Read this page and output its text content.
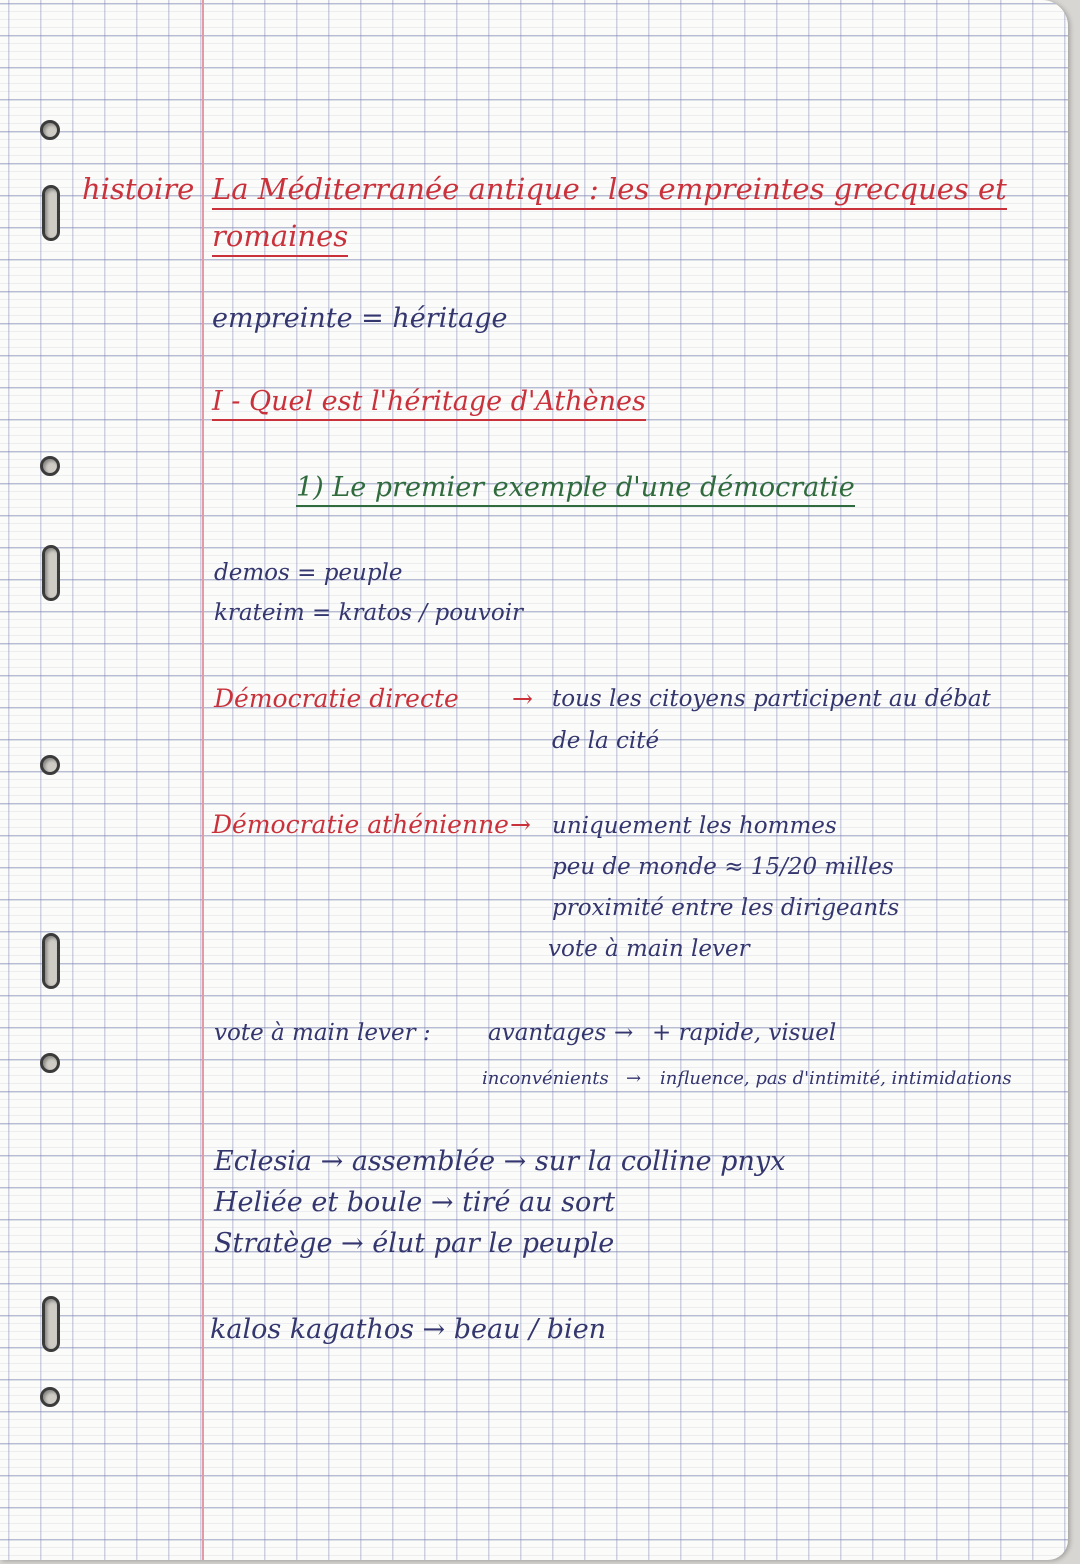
histoire La Méditerranée antique : les empreintes grecques et
romaines
empreinte = héritage
I - Quel est l'héritage d'Athènes
1) Le premier exemple d'une démocratie
demos = peuple
krateim = kratos / pouvoir
Démocratie directe → tous les citoyens participent au débat
de la cité
Démocratie athénienne → uniquement les hommes
peu de monde ≈ 15/20 milles
proximité entre les dirigeants
vote à main lever
vote à main lever : avantages → + rapide, visuel
inconvénients → influence, pas d'intimité, intimidations
Eclesia → assemblée → sur la colline pnyx
Heliée et boule → tiré au sort
Stratège → élut par le peuple
kalos kagathos → beau / bien
